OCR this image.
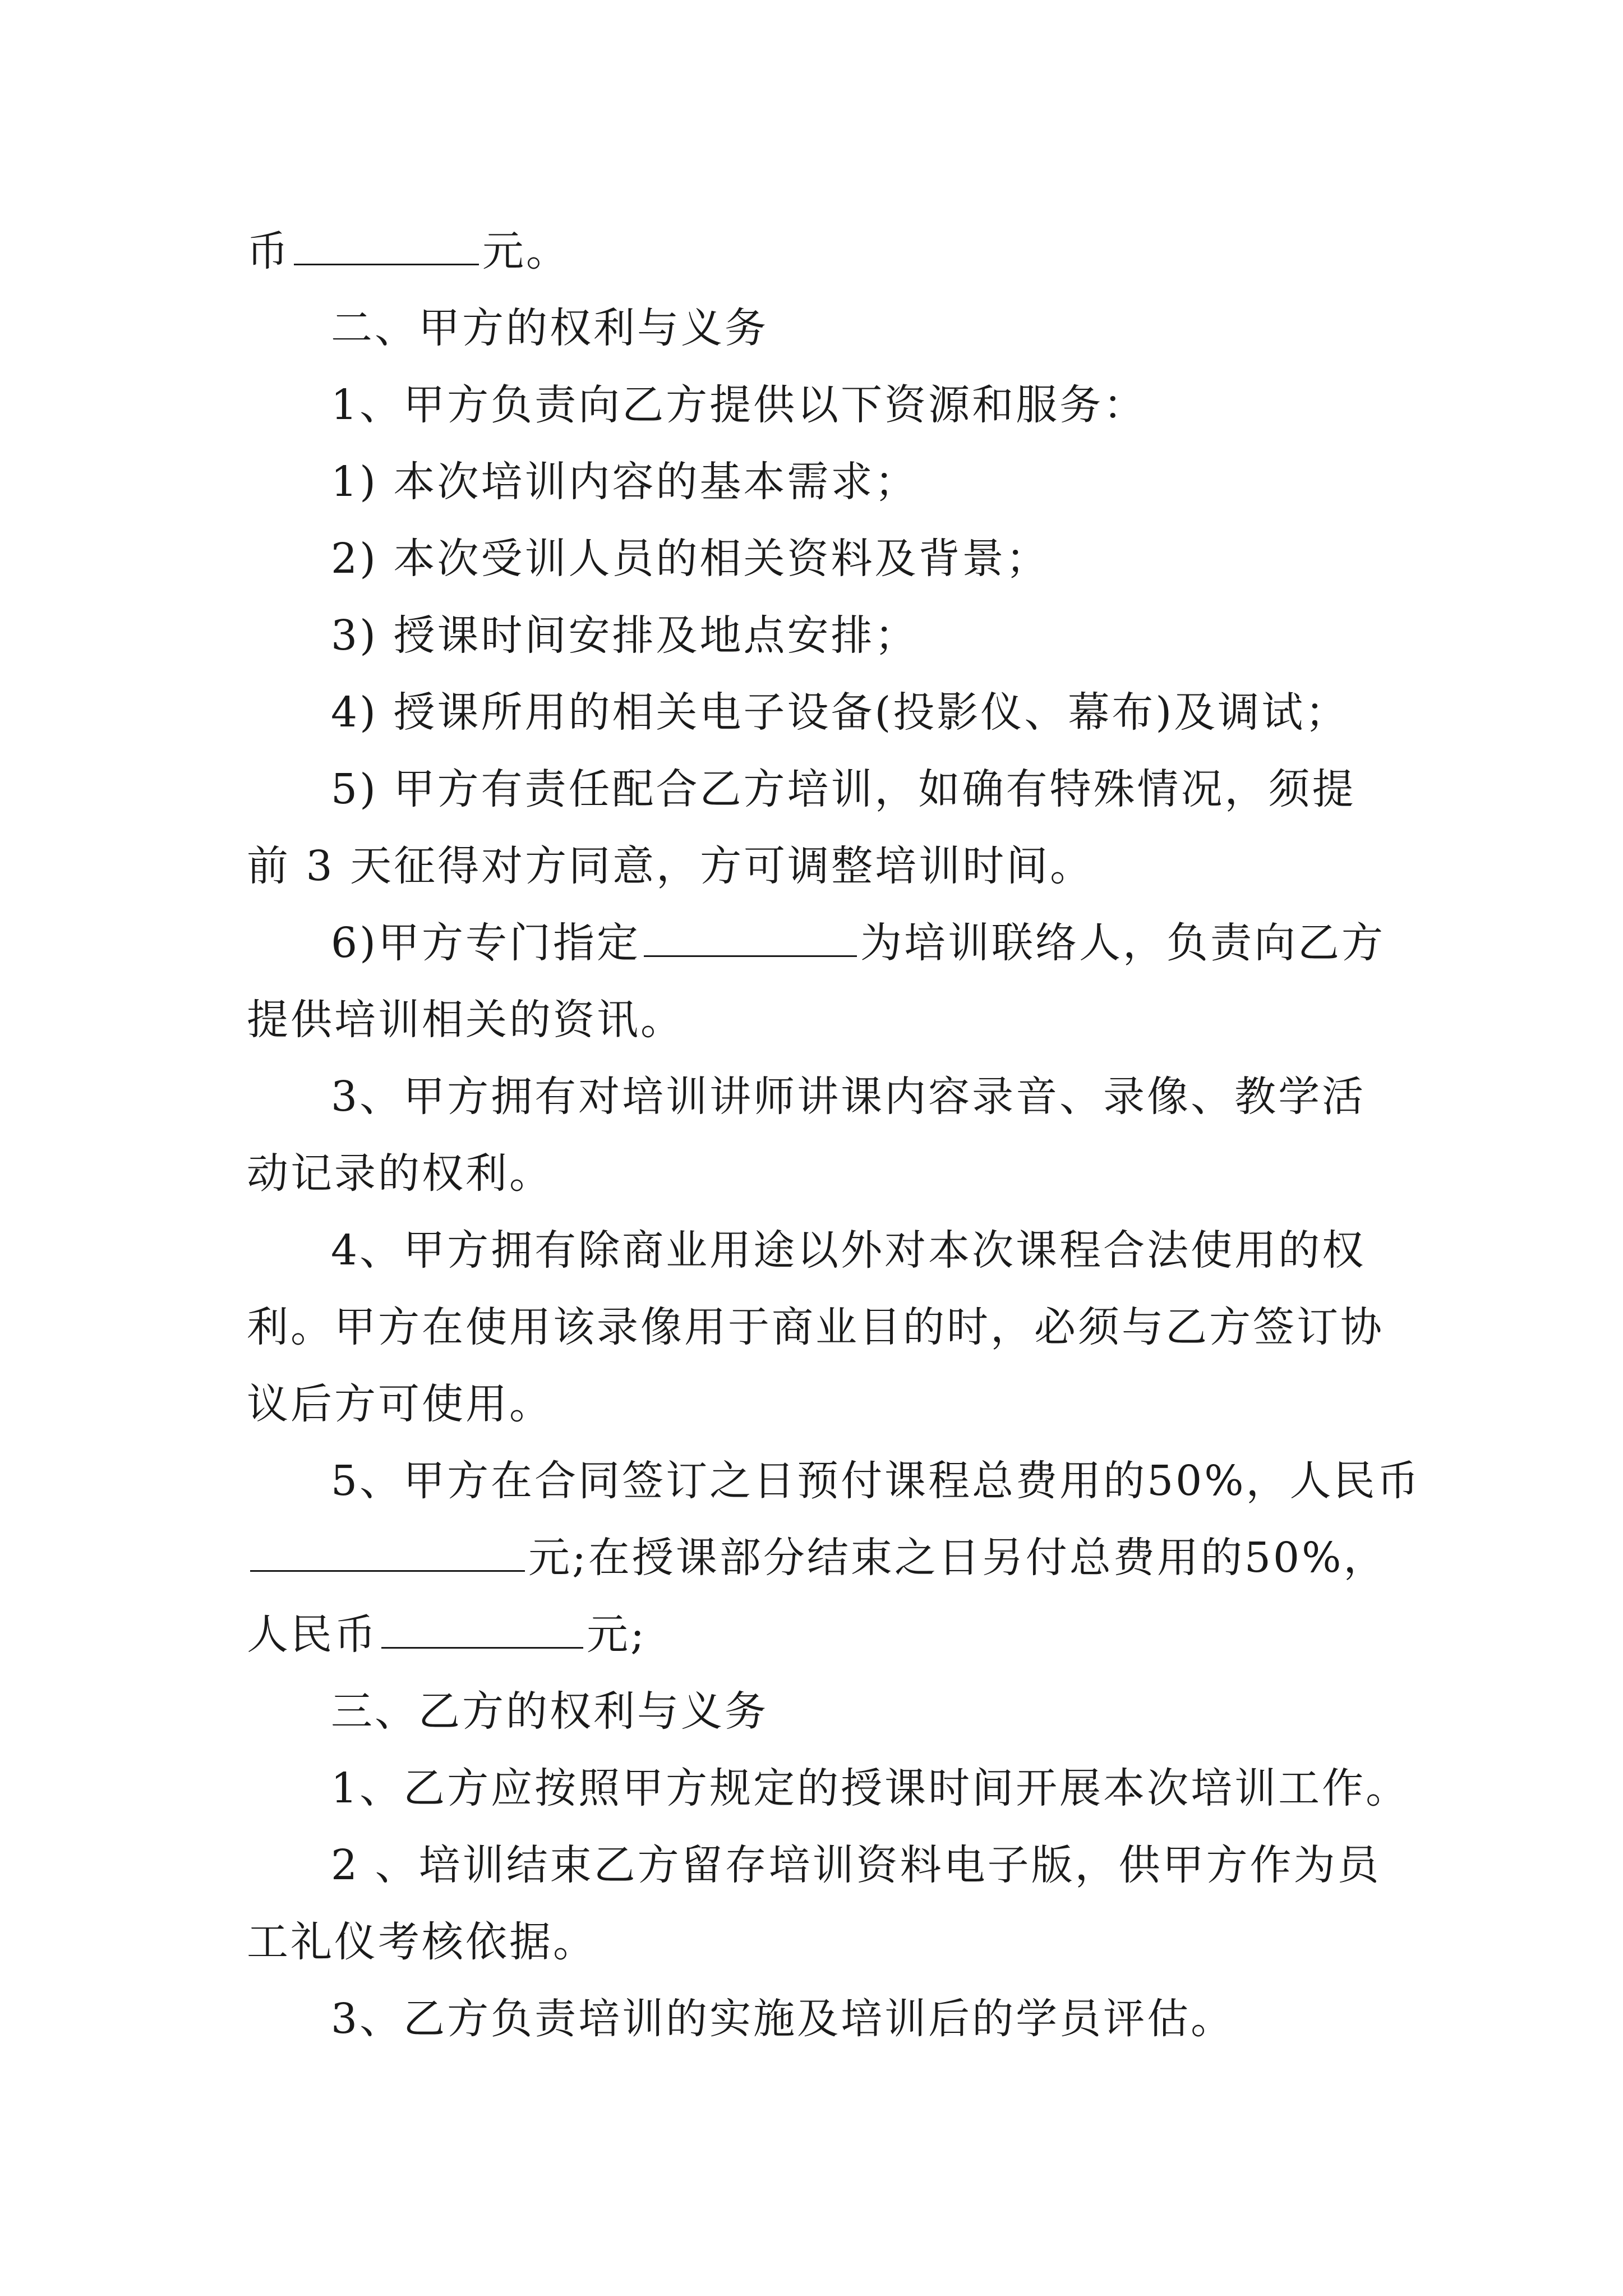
币	元。
二、甲方的权利与义务
1、甲方负责向乙方提供以下资源和服务：
1) 本次培训内容的基本需求；
2) 本次受训人员的相关资料及背景；
3) 授课时间安排及地点安排；
4) 授课所用的相关电子设备(投影仪、幕布)及调试；
5) 甲方有责任配合乙方培训，如确有特殊情况，须提
前 3 天征得对方同意，方可调整培训时间。
6)甲方专门指定	为培训联络人，负责向乙方
提供培训相关的资讯。
3、甲方拥有对培训讲师讲课内容录音、录像、教学活
动记录的权利。
4、甲方拥有除商业用途以外对本次课程合法使用的权
利。甲方在使用该录像用于商业目的时，必须与乙方签订协
议后方可使用。
5、甲方在合同签订之日预付课程总费用的50%，人民币
元;在授课部分结束之日另付总费用的50%，
人民币	元;
三、乙方的权利与义务
1、乙方应按照甲方规定的授课时间开展本次培训工作。
2 、培训结束乙方留存培训资料电子版，供甲方作为员
工礼仪考核依据。
3、乙方负责培训的实施及培训后的学员评估。
